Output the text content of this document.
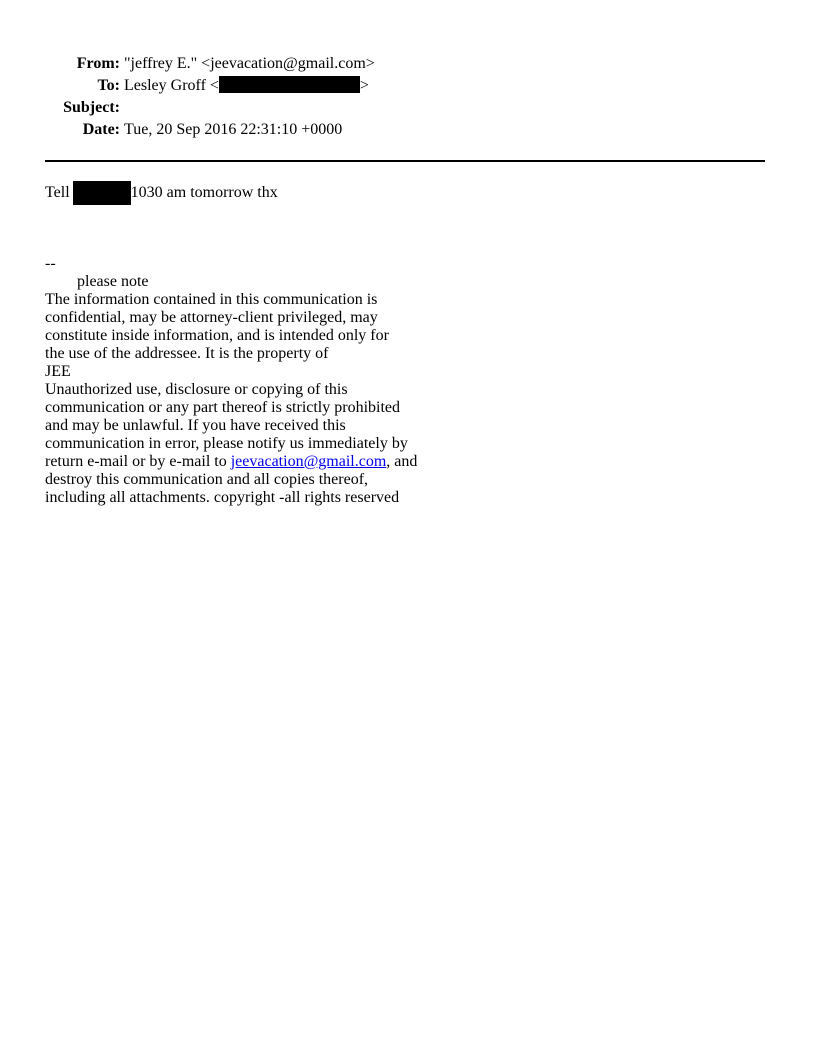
From: "jeffrey E." <jeevacation@gmail.com>
To: Lesley Groff <	>
Subject:
Date: Tue, 20 Sep 2016 22:31:10 +0000
Tell	1030 am tomorrow thx
--
please note
The information contained in this communication is
confidential, may be attorney-client privileged, may
constitute inside information, and is intended only for
the use of the addressee. It is the property of
JEE
Unauthorized use, disclosure or copying of this
communication or any part thereof is strictly prohibited
and may be unlawful. If you have received this
communication in error, please notify us immediately by
return e-mail or by e-mail to jeevacation@gmail.com, and
destroy this communication and all copies thereof,
including all attachments. copyright -all rights reserved
